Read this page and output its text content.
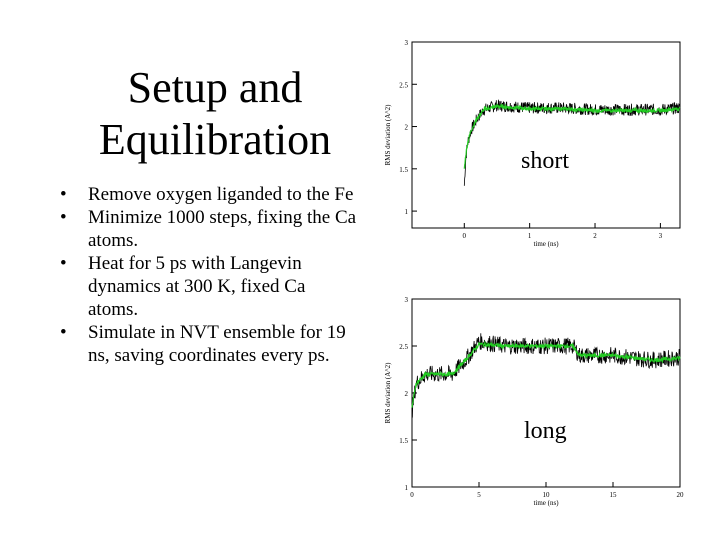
Setup and
Equilibration
• Remove oxygen liganded to the Fe
• Minimize 1000 steps, fixing the Ca atoms.
• Heat for 5 ps with Langevin dynamics at 300 K, fixed Ca atoms.
• Simulate in NVT ensemble for 19 ns, saving coordinates every ps.
1
1.5
2
2.5
3
0	1	2	3
time (ns)
RMS deviation (A^2)	short
1
1.5
2
2.5
3
0	5	10	15	20
time (ns)
RMS deviation (A^2)
long
